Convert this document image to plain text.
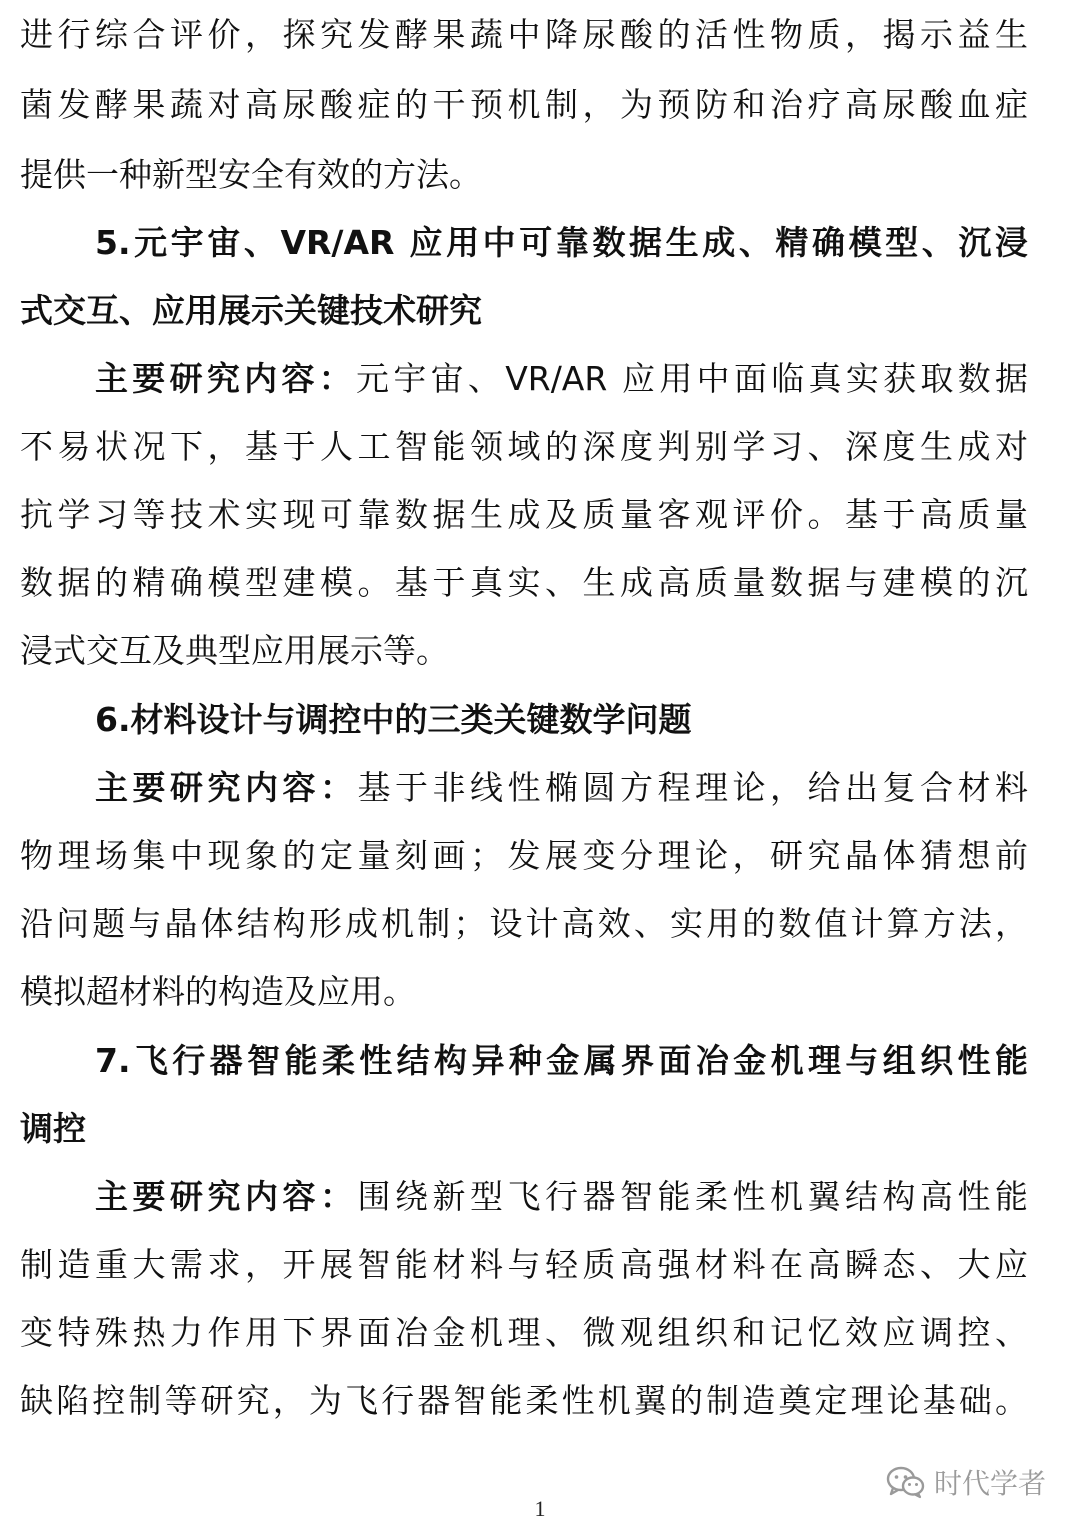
进行综合评价，探究发酵果蔬中降尿酸的活性物质，揭示益生
菌发酵果蔬对高尿酸症的干预机制，为预防和治疗高尿酸血症
提供一种新型安全有效的方法。
5.元宇宙、VR/AR 应用中可靠数据生成、精确模型、沉浸
式交互、应用展示关键技术研究
主要研究内容：元宇宙、VR/AR 应用中面临真实获取数据
不易状况下，基于人工智能领域的深度判别学习、深度生成对
抗学习等技术实现可靠数据生成及质量客观评价。基于高质量
数据的精确模型建模。基于真实、生成高质量数据与建模的沉
浸式交互及典型应用展示等。
6.材料设计与调控中的三类关键数学问题
主要研究内容：基于非线性椭圆方程理论，给出复合材料
物理场集中现象的定量刻画；发展变分理论，研究晶体猜想前
沿问题与晶体结构形成机制；设计高效、实用的数值计算方法，
模拟超材料的构造及应用。
7.飞行器智能柔性结构异种金属界面冶金机理与组织性能
调控
主要研究内容：围绕新型飞行器智能柔性机翼结构高性能
制造重大需求，开展智能材料与轻质高强材料在高瞬态、大应
变特殊热力作用下界面冶金机理、微观组织和记忆效应调控、
缺陷控制等研究，为飞行器智能柔性机翼的制造奠定理论基础。
时代学者
1
